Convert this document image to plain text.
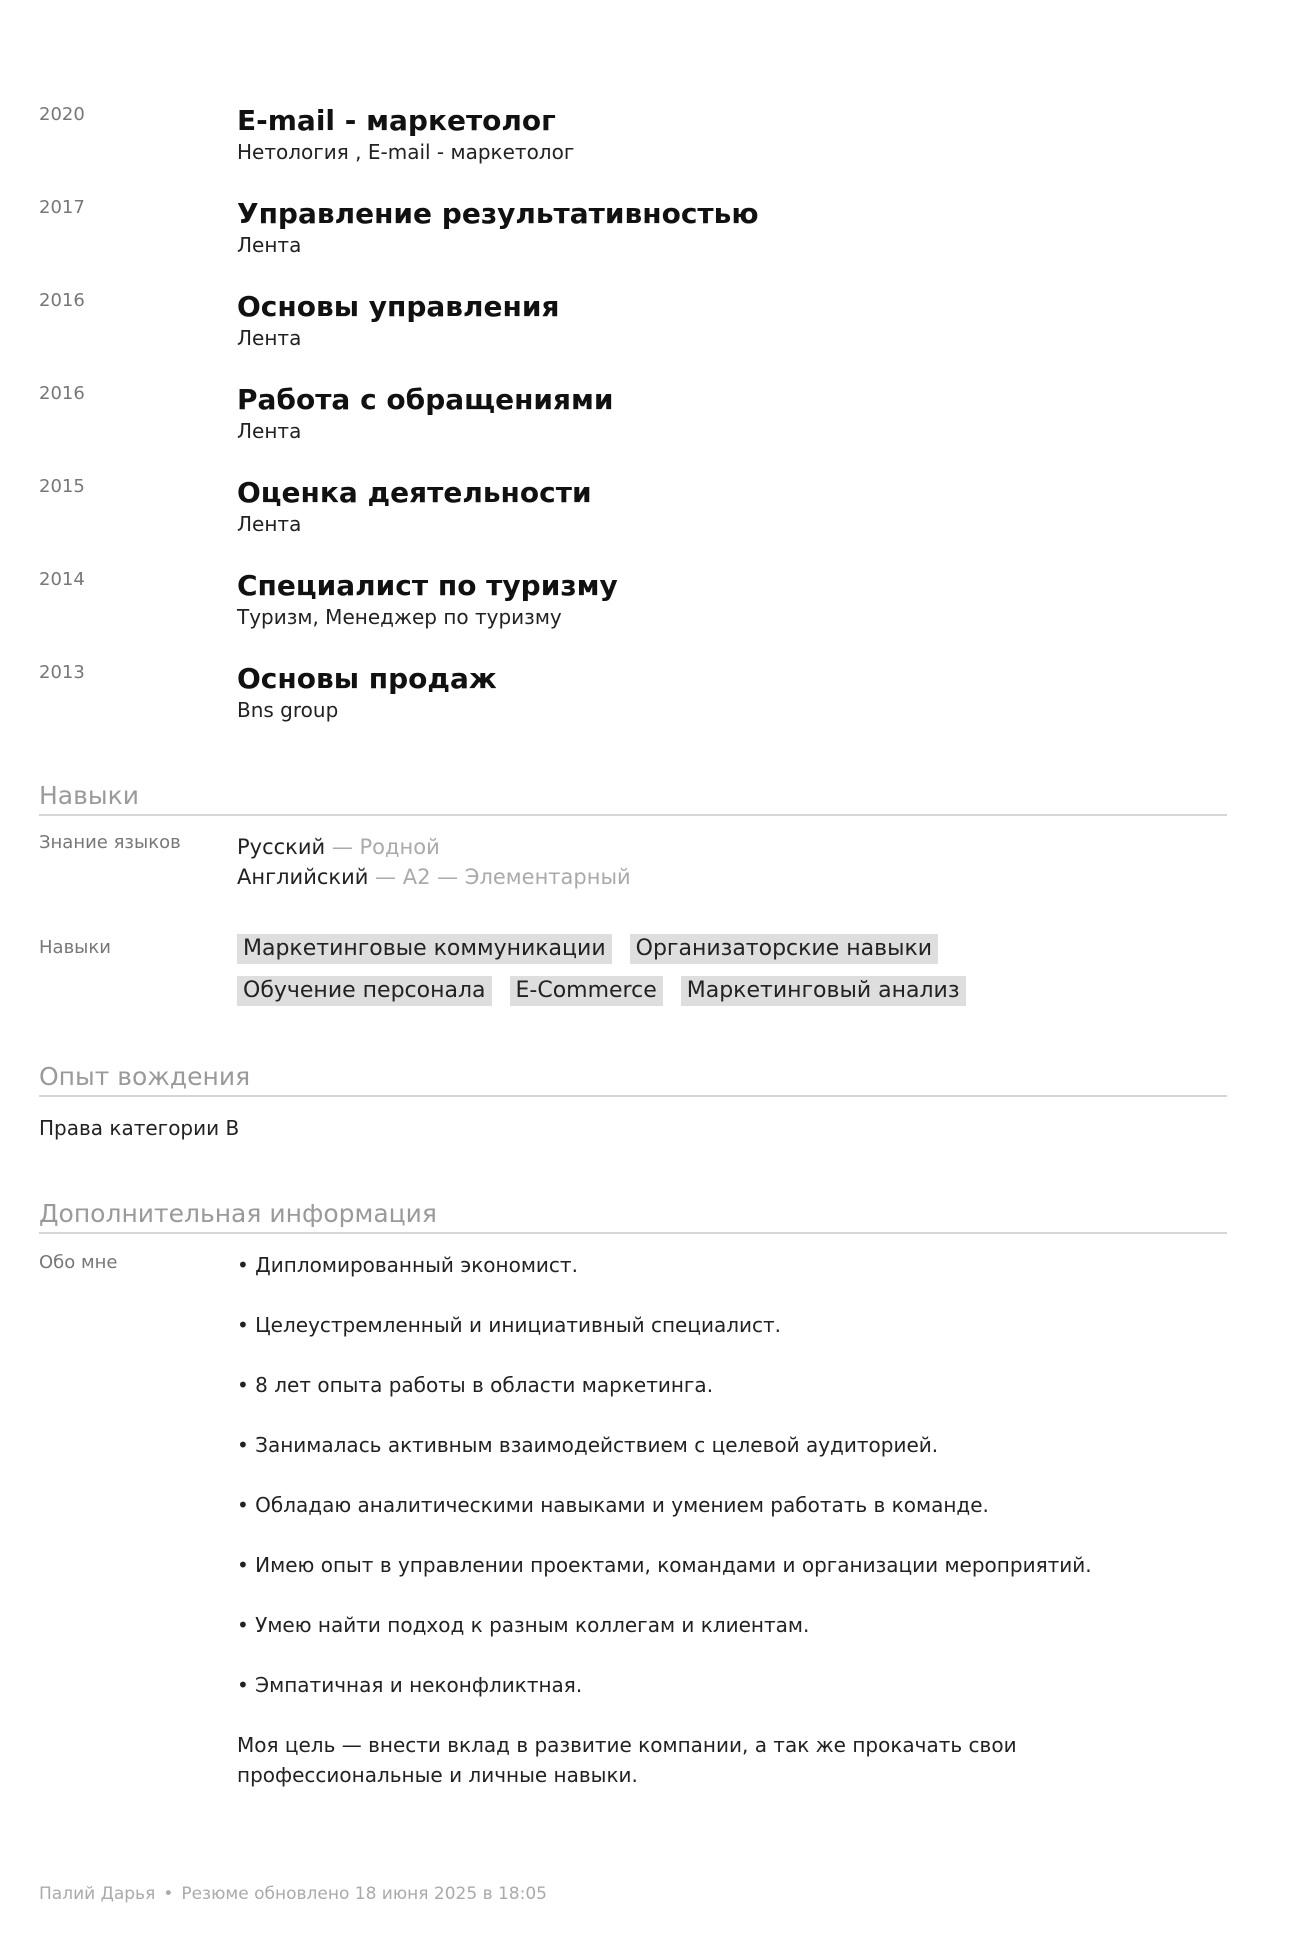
2020	E-mail - маркетолог
Нетология , E-mail - маркетолог
2017	Управление результативностью
Лента
2016	Основы управления
Лента
2016	Работа с обращениями
Лента
2015	Оценка деятельности
Лента
2014	Специалист по туризму
Туризм, Менеджер по туризму
2013	Основы продаж
Bns group
Навыки
Знание языков	Русский — Родной
Английский — A2 — Элементарный
Навыки	Маркетинговые коммуникации Организаторские навыки
Обучение персонала E-Commerce Маркетинговый анализ
Опыт вождения
Права категории B
Дополнительная информация
Обо мне	• Дипломированный экономист.
• Целеустремленный и инициативный специалист.
• 8 лет опыта работы в области маркетинга.
• Занималась активным взаимодействием с целевой аудиторией.
• Обладаю аналитическими навыками и умением работать в команде.
• Имею опыт в управлении проектами, командами и организации мероприятий.
• Умею найти подход к разным коллегам и клиентам.
• Эмпатичная и неконфликтная.
Моя цель — внести вклад в развитие компании, а так же прокачать свои профессиональные и личные навыки.
Палий Дарья • Резюме обновлено 18 июня 2025 в 18:05
